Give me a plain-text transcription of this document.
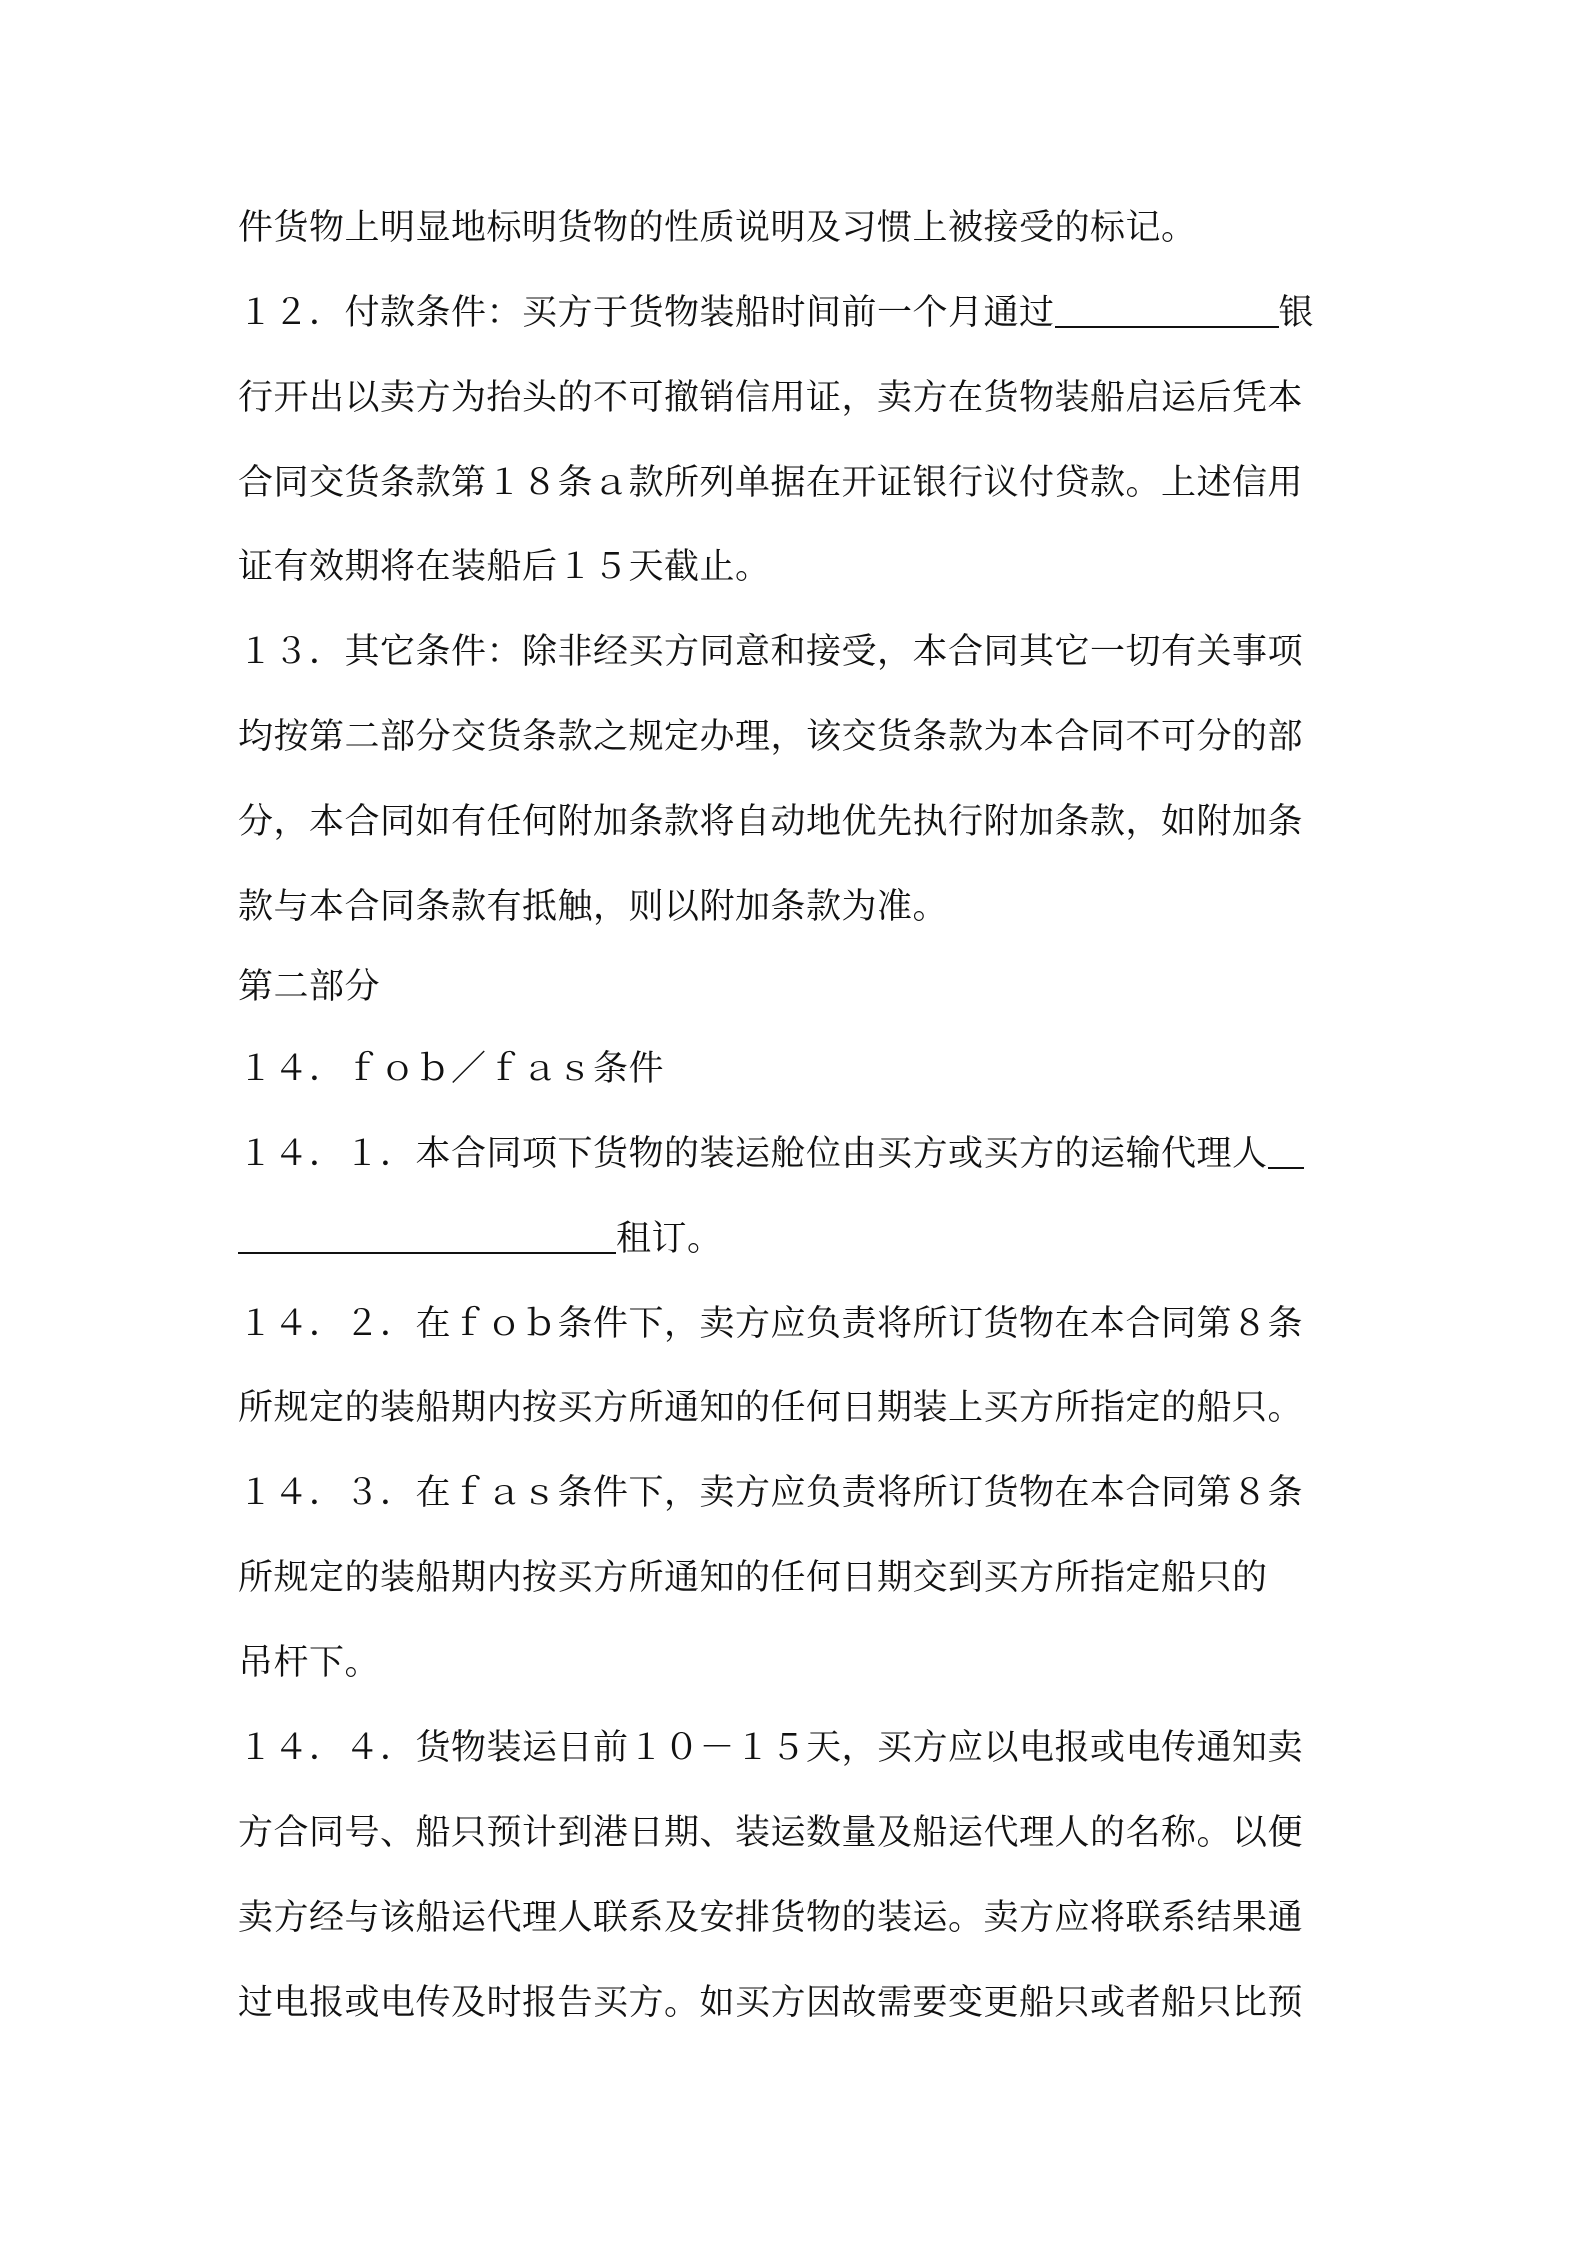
件货物上明显地标明货物的性质说明及习惯上被接受的标记。
１２．付款条件：买方于货物装船时间前一个月通过	银
行开出以卖方为抬头的不可撤销信用证，卖方在货物装船启运后凭本
合同交货条款第１８条ａ款所列单据在开证银行议付贷款。上述信用
证有效期将在装船后１５天截止。
１３．其它条件：除非经买方同意和接受，本合同其它一切有关事项
均按第二部分交货条款之规定办理，该交货条款为本合同不可分的部
分，本合同如有任何附加条款将自动地优先执行附加条款，如附加条
款与本合同条款有抵触，则以附加条款为准。
第二部分
１４．ｆｏｂ／ｆａｓ条件
１４．１．本合同项下货物的装运舱位由买方或买方的运输代理人
租订。
１４．２．在ｆｏｂ条件下，卖方应负责将所订货物在本合同第８条
所规定的装船期内按买方所通知的任何日期装上买方所指定的船只。
１４．３．在ｆａｓ条件下，卖方应负责将所订货物在本合同第８条
所规定的装船期内按买方所通知的任何日期交到买方所指定船只的
吊杆下。
１４．４．货物装运日前１０－１５天，买方应以电报或电传通知卖
方合同号、船只预计到港日期、装运数量及船运代理人的名称。以便
卖方经与该船运代理人联系及安排货物的装运。卖方应将联系结果通
过电报或电传及时报告买方。如买方因故需要变更船只或者船只比预
